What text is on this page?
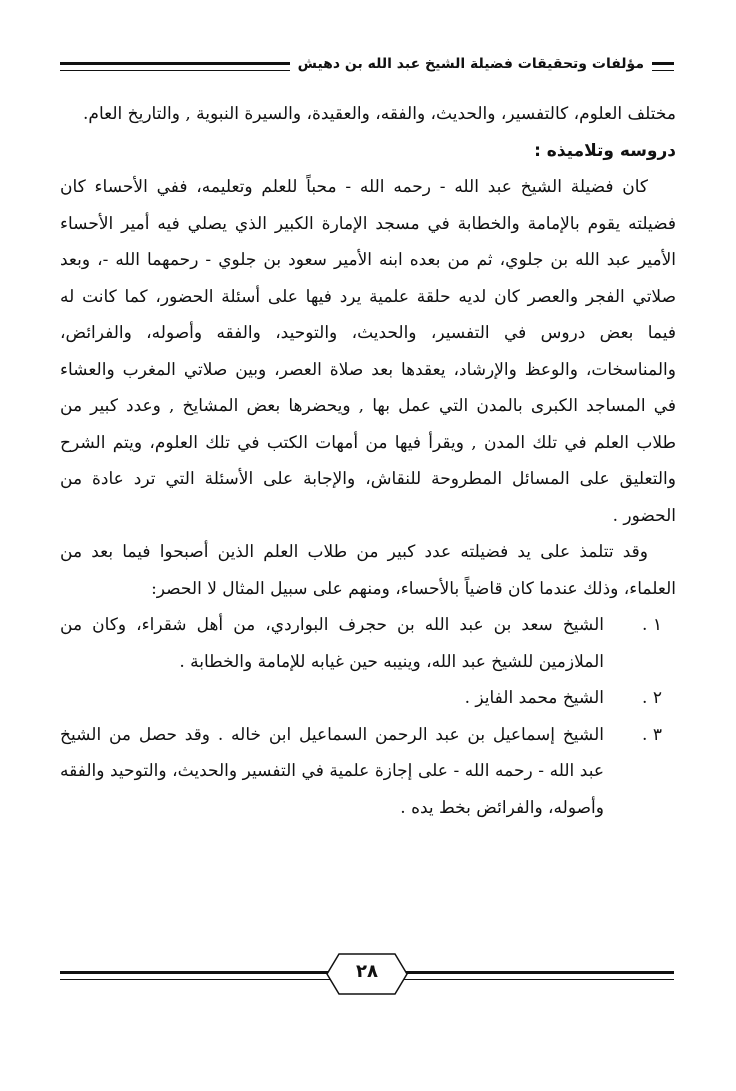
مؤلفات وتحقيقات فضيلة الشيخ عبد الله بن دهيش

مختلف العلوم، كالتفسير، والحديث، والفقه، والعقيدة، والسيرة النبوية , والتاريخ العام.

دروسه وتلاميذه :

كان فضيلة الشيخ عبد الله - رحمه الله - محباً للعلم وتعليمه، ففي الأحساء كان فضيلته يقوم بالإمامة والخطابة في مسجد الإمارة الكبير الذي يصلي فيه أمير الأحساء الأمير عبد الله بن جلوي، ثم من بعده ابنه الأمير سعود بن جلوي - رحمهما الله -، وبعد صلاتي الفجر والعصر كان لديه حلقة علمية يرد فيها على أسئلة الحضور، كما كانت له فيما بعض دروس في التفسير، والحديث، والتوحيد، والفقه وأصوله، والفرائض، والمناسخات، والوعظ والإرشاد، يعقدها بعد صلاة العصر، وبين صلاتي المغرب والعشاء في المساجد الكبرى بالمدن التي عمل بها , ويحضرها بعض المشايخ , وعدد كبير من طلاب العلم في تلك المدن , ويقرأ فيها من أمهات الكتب في تلك العلوم، ويتم الشرح والتعليق على المسائل المطروحة للنقاش، والإجابة على الأسئلة التي ترد عادة من الحضور .

وقد تتلمذ على يد فضيلته عدد كبير من طلاب العلم الذين أصبحوا فيما بعد من العلماء، وذلك عندما كان قاضياً بالأحساء، ومنهم على سبيل المثال لا الحصر:

١ .
الشيخ سعد بن عبد الله بن حجرف البواردي، من أهل شقراء، وكان من الملازمين للشيخ عبد الله، وينيبه حين غيابه للإمامة والخطابة .
٢ .
الشيخ محمد الفايز .
٣ .
الشيخ إسماعيل بن عبد الرحمن السماعيل ابن خاله . وقد حصل من الشيخ عبد الله - رحمه الله - على إجازة علمية في التفسير والحديث، والتوحيد والفقه وأصوله، والفرائض بخط يده .
٢٨
